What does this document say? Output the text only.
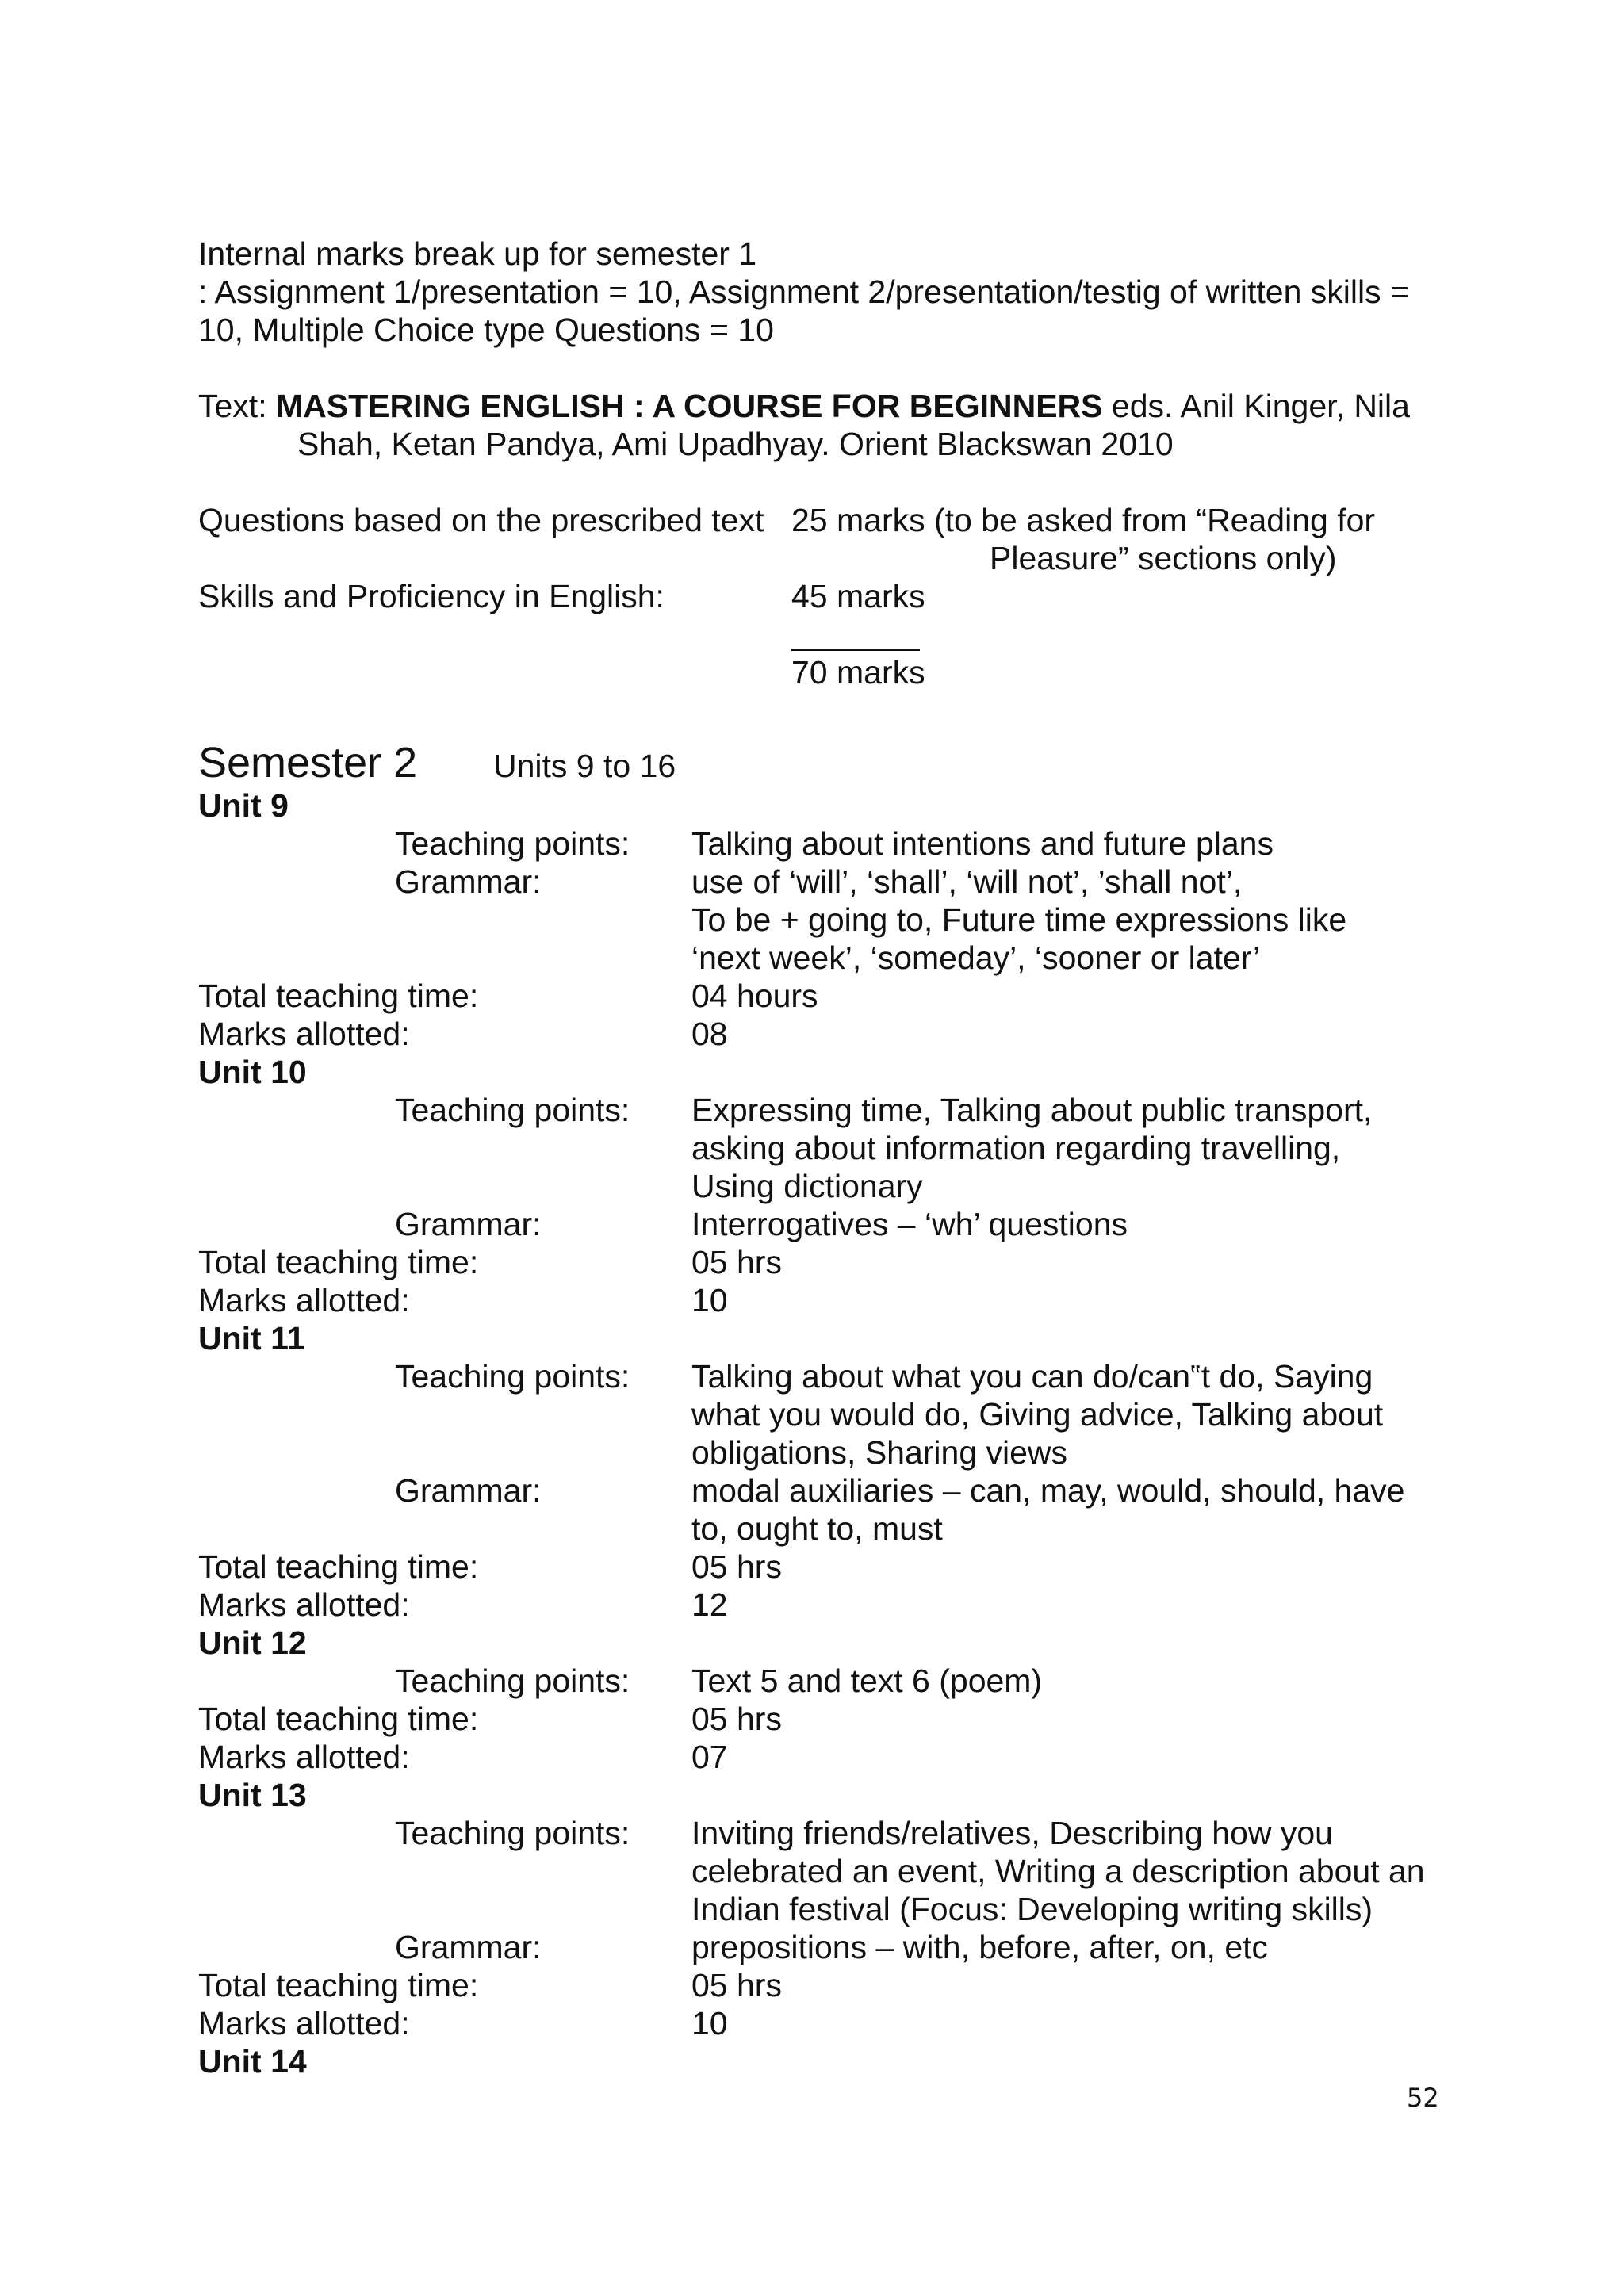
Internal marks break up for semester 1
: Assignment 1/presentation = 10, Assignment 2/presentation/testig of written skills =
10, Multiple Choice type Questions = 10
Text: MASTERING ENGLISH : A COURSE FOR BEGINNERS eds. Anil Kinger, Nila
Shah, Ketan Pandya, Ami Upadhyay. Orient Blackswan 2010
Questions based on the prescribed text 25 marks (to be asked from “Reading for
Pleasure” sections only)
Skills and Proficiency in English:	45 marks
70 marks
Semester 2 Units 9 to 16
Unit 9
Teaching points: Talking about intentions and future plans
Grammar:	use of ‘will’, ‘shall’, ‘will not’, ’shall not’,
To be + going to, Future time expressions like
‘next week’, ‘someday’, ‘sooner or later’
Total teaching time:	04 hours
Marks allotted:	08
Unit 10
Teaching points: Expressing time, Talking about public transport,
asking about information regarding travelling,
Using dictionary
Grammar:	Interrogatives – ‘wh’ questions
Total teaching time:	05 hrs
Marks allotted:	10
Unit 11
Teaching points: Talking about what you can do/can‟t do, Saying
what you would do, Giving advice, Talking about
obligations, Sharing views
Grammar:	modal auxiliaries – can, may, would, should, have
to, ought to, must
Total teaching time:	05 hrs
Marks allotted:	12
Unit 12
Teaching points: Text 5 and text 6 (poem)
Total teaching time:	05 hrs
Marks allotted:	07
Unit 13
Teaching points: Inviting friends/relatives, Describing how you
celebrated an event, Writing a description about an
Indian festival (Focus: Developing writing skills)
Grammar:	prepositions – with, before, after, on, etc
Total teaching time:	05 hrs
Marks allotted:	10
Unit 14
52
